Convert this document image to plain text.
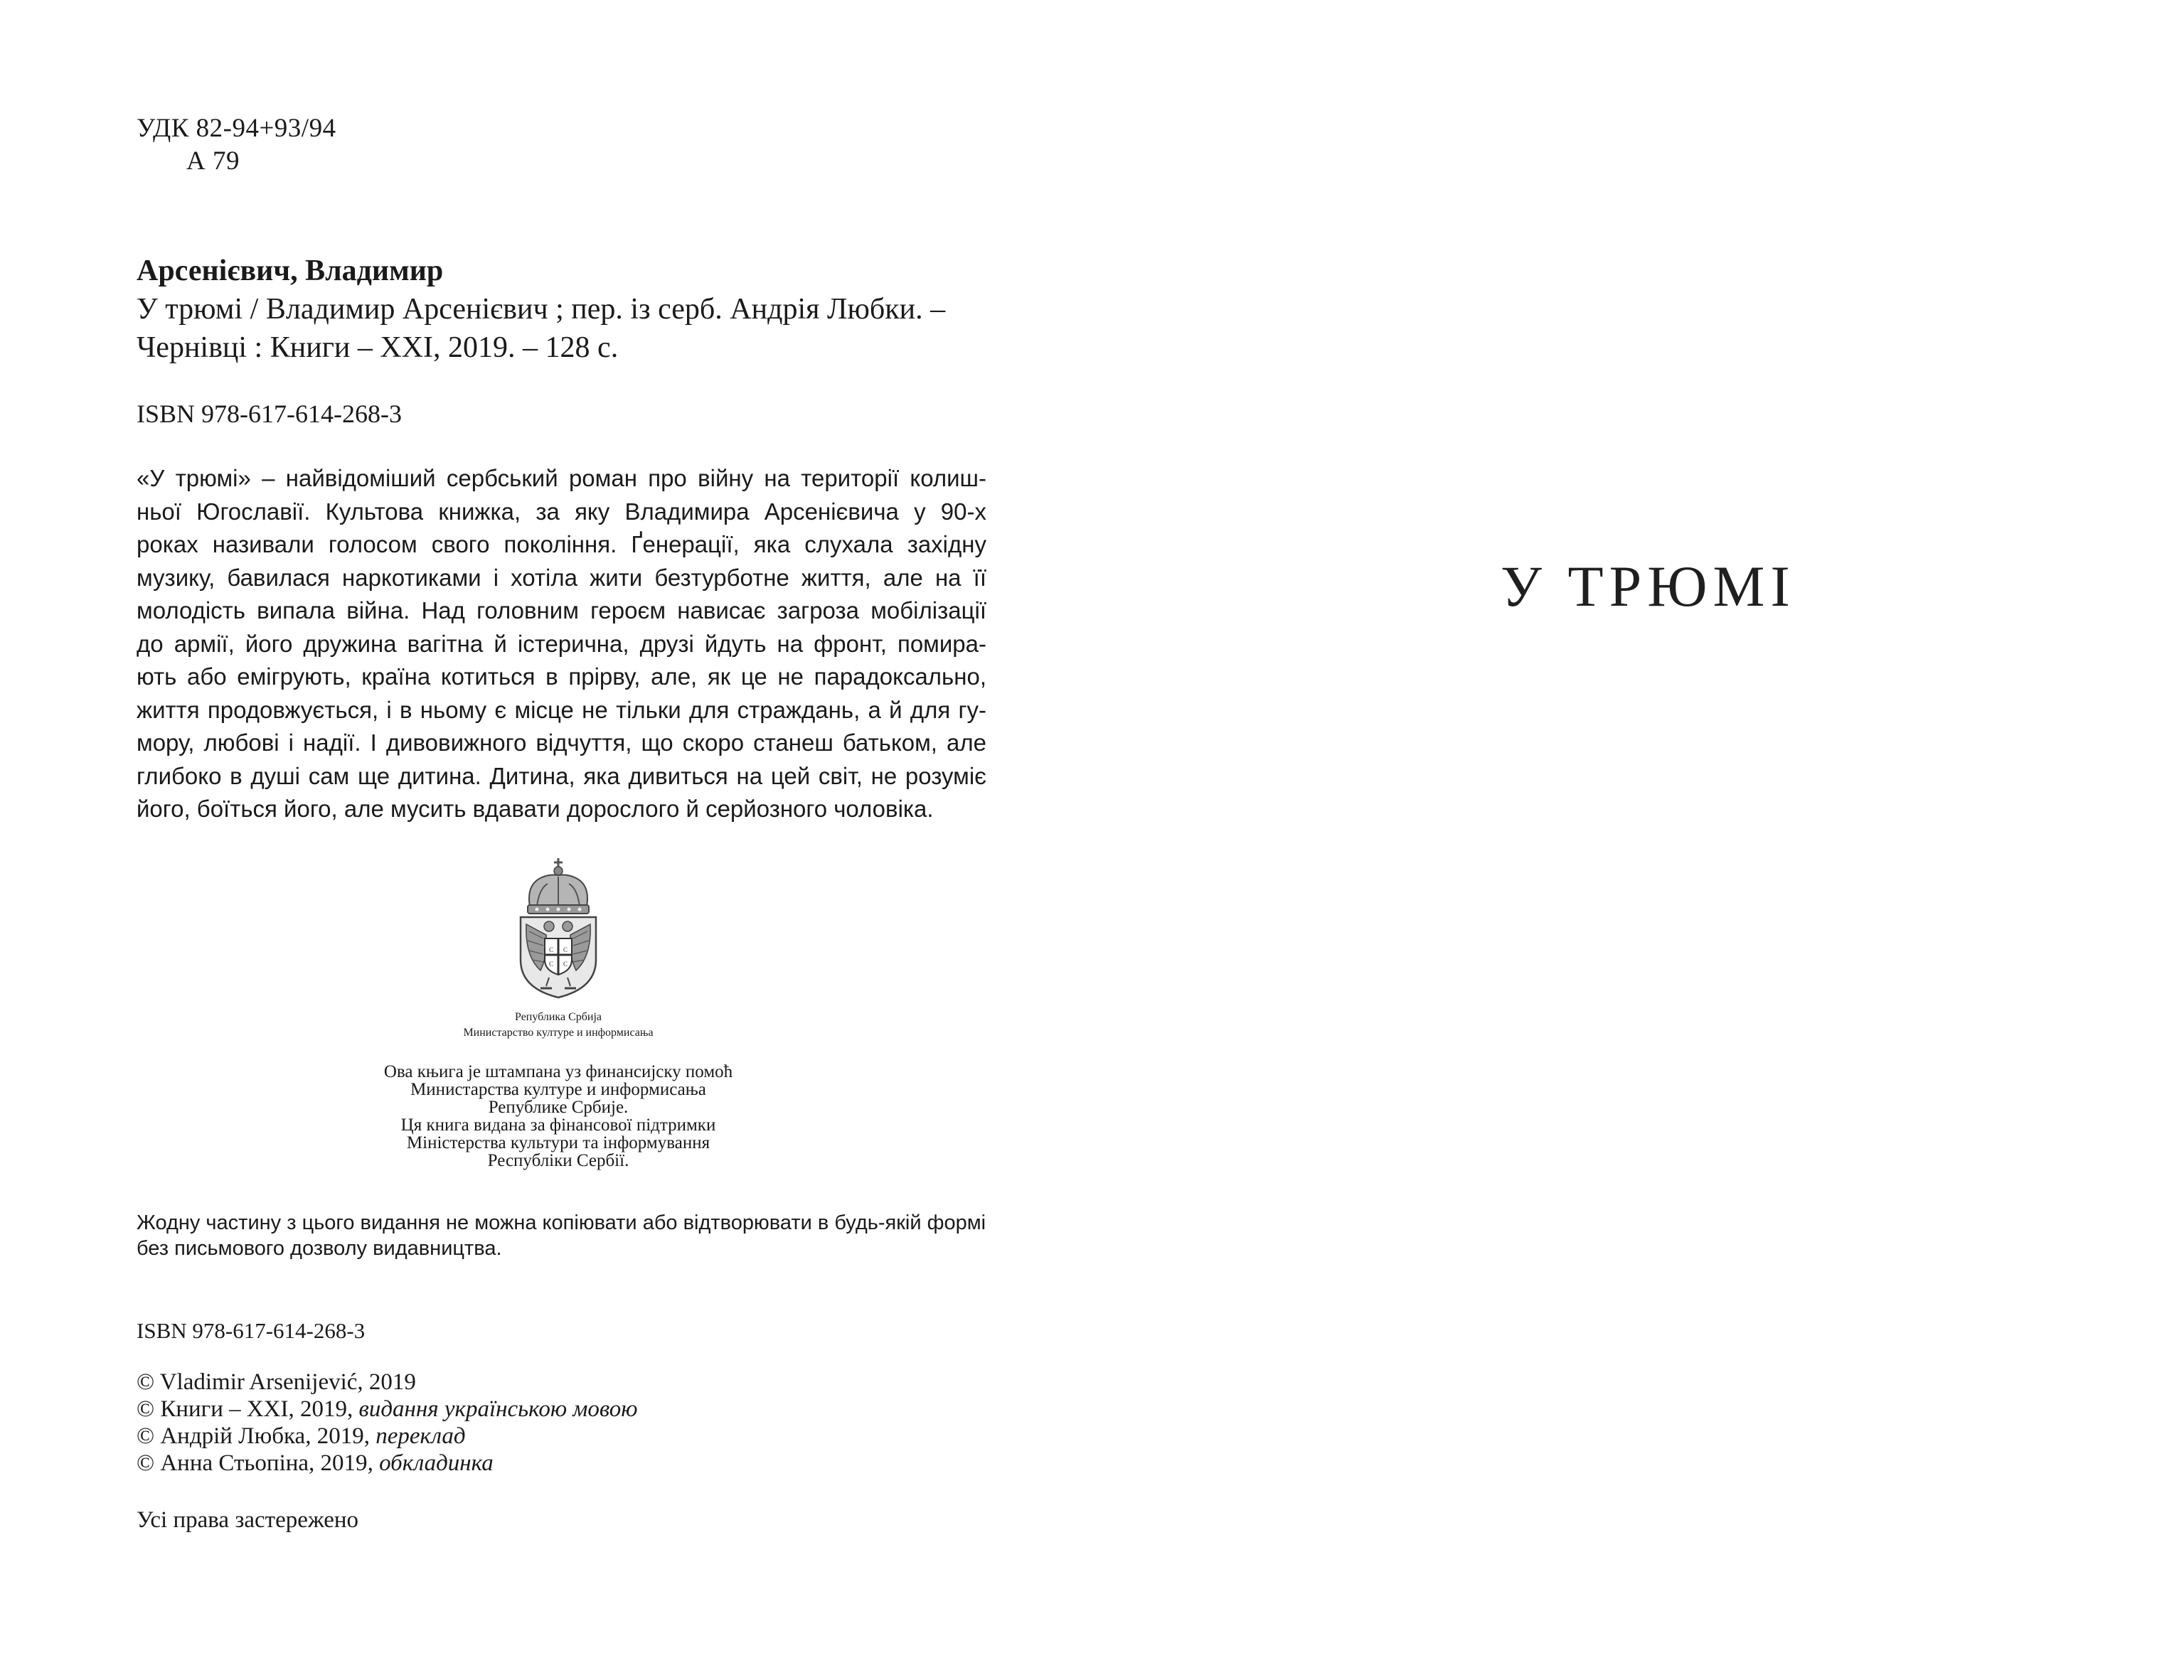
УДК 82-94+93/94
А 79
Арсенієвич, Владимир
У трюмі / Владимир Арсенієвич ; пер. із серб. Андрія Любки. –
Чернівці : Книги – ХХІ, 2019. – 128 с.
ISBN 978-617-614-268-3
«У трюмі» – найвідоміший сербський роман про війну на території колиш-
ньої Югославії. Культова книжка, за яку Владимира Арсенієвича у 90-х
роках називали голосом свого покоління. Ґенерації, яка слухала західну
музику, бавилася наркотиками і хотіла жити безтурботне життя, але на її
молодість випала війна. Над головним героєм нависає загроза мобілізації
до армії, його дружина вагітна й істерична, друзі йдуть на фронт, помира-
ють або емігрують, країна котиться в прірву, але, як це не парадоксально,
життя продовжується, і в ньому є місце не тільки для страждань, а й для гу-
мору, любові і надії. І дивовижного відчуття, що скоро станеш батьком, але
глибоко в душі сам ще дитина. Дитина, яка дивиться на цей світ, не розуміє
його, боїться його, але мусить вдавати дорослого й серйозного чоловіка.
С С
С С
Република Србија
Министарство културе и информисања
Ова књига је штампана уз финансијску помоћ
Министарства културе и информисања
Републике Србије.
Ця книга видана за фінансової підтримки
Міністерства культури та інформування
Республіки Сербії.
Жодну частину з цього видання не можна копіювати або відтворювати в будь-якій формі
без письмового дозволу видавництва.
ISBN 978-617-614-268-3
© Vladimir Arsenijević, 2019
© Книги – ХХІ, 2019, видання українською мовою
© Андрій Любка, 2019, переклад
© Анна Стьопіна, 2019, обкладинка
Усі права застережено
У ТРЮМІ
